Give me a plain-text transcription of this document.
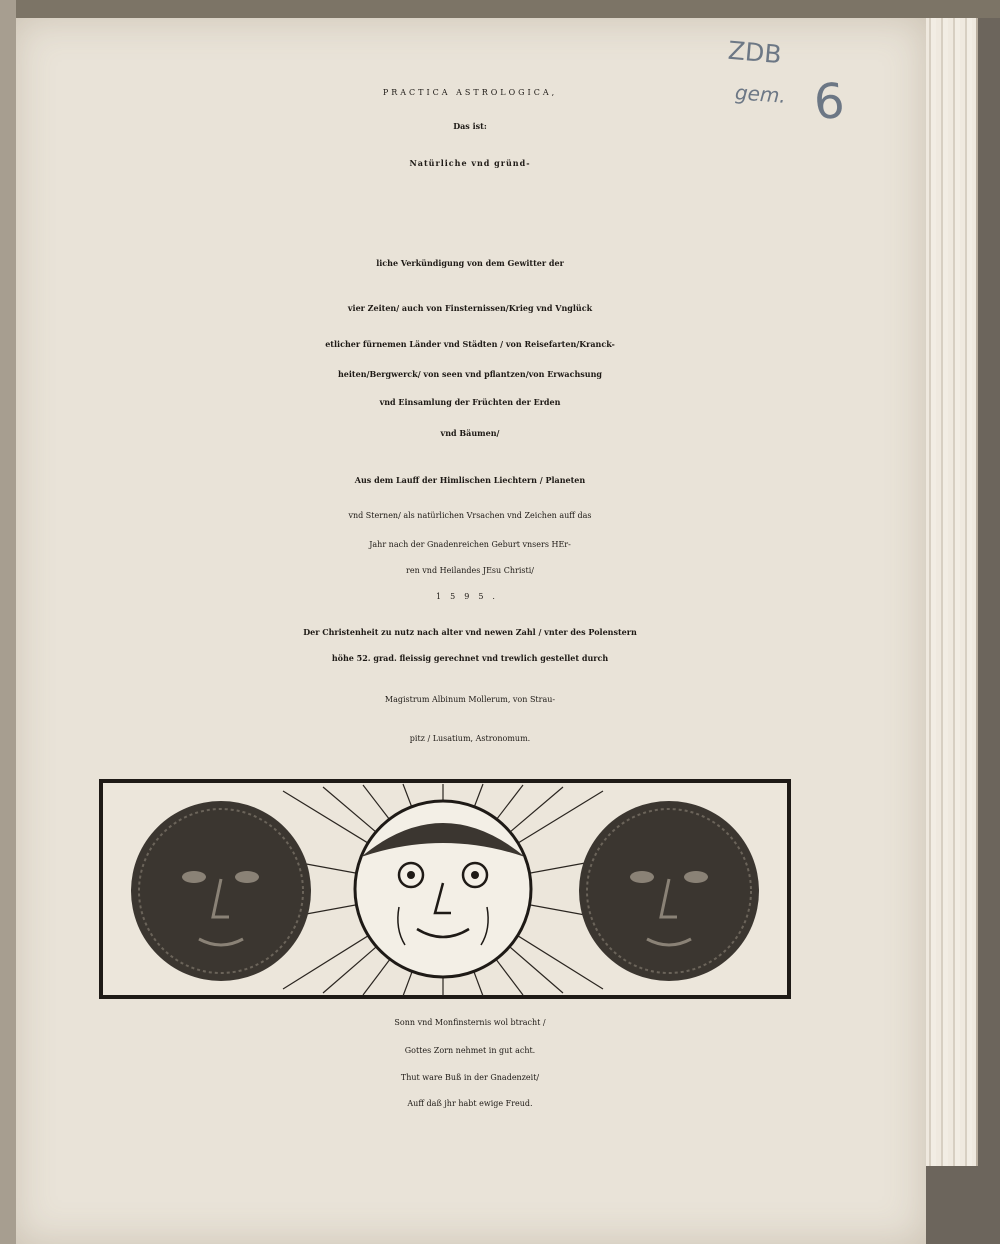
PRACTICA ASTROLOGICA,

Das ist:

Natürliche vnd gründ-

liche Verkündigung von dem Gewitter der

vier Zeiten/ auch von Finsternissen/Krieg vnd Vnglück

etlicher fürnemen Länder vnd Städten / von Reisefarten/Kranck-

heiten/Bergwerck/ von seen vnd pflantzen/von Erwachsung

vnd Einsamlung der Früchten der Erden

vnd Bäumen/

Aus dem Lauff der Himlischen Liechtern / Planeten

vnd Sternen/ als natürlichen Vrsachen vnd Zeichen auff das

Jahr nach der Gnadenreichen Geburt vnsers HEr-

ren vnd Heilandes JEsu Christi/

1595.

Der Christenheit zu nutz nach alter vnd newen Zahl / vnter des Polenstern

höhe 52. grad. fleissig gerechnet vnd trewlich gestellet durch

Magistrum Albinum Mollerum, von Strau-

pitz / Lusatium, Astronomum.

Sonn vnd Monfinsternis wol btracht /

Gottes Zorn nehmet in gut acht.

Thut ware Buß in der Gnadenzeit/

Auff daß jhr habt ewige Freud.

ZDB
gem. 6
